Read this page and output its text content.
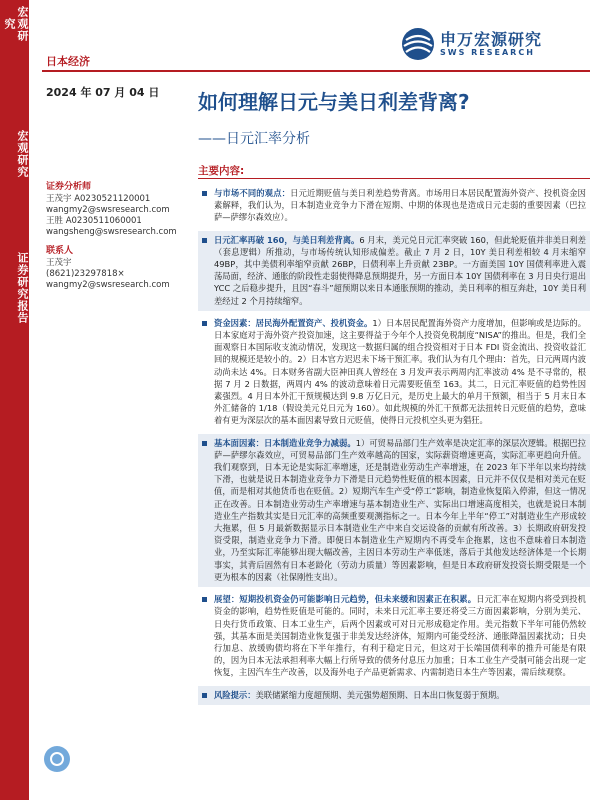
宏观研究
宏观研究
证券研究报告
日本经济
申万宏源研究
SWS RESEARCH
2024 年 07 月 04 日
证券分析师
王茂宇 A0230521120001
wangmy2@swsresearch.com
王胜 A0230511060001
wangsheng@swsresearch.com
联系人
王茂宇
(8621)23297818×
wangmy2@swsresearch.com
如何理解日元与美日利差背离?
——日元汇率分析
主要内容:
与市场不同的观点：日元近期贬值与美日利差趋势背离。市场用日本居民配置海外资产、投机资金因素解释，我们认为，日本制造业竞争力下滑在短期、中期的体现也是造成日元走弱的重要因素（巴拉萨—萨缪尔森效应）。
日元汇率再破 160，与美日利差背离。6 月末，美元兑日元汇率突破 160，但此轮贬值并非美日利差（套息逻辑）所推动，与市场传统认知形成偏差。截止 7 月 2 日，10Y 美日利差相较 4 月末缩窄 49BP，其中美债利率缩窄贡献 26BP，日债利率上升贡献 23BP。一方面美国 10Y 国债利率进入震荡局面，经济、通胀的阶段性走弱使得降息预期提升，另一方面日本 10Y 国债利率在 3 月日央行退出 YCC 之后稳步提升，且因“春斗”超预期以来日本通胀预期的推动，美日利率的相互奔赴，10Y 美日利差经过 2 个月持续缩窄。
资金因素：居民海外配置资产、投机资金。1）日本居民配置海外资产力度增加，但影响或是边际的。日本家庭对于海外资产投资加速，这主要得益于今年个人投资免税制度“NISA”的推出。但是，我们全面观察日本国际收支流动情况，发现这一数据归属的组合投资相对于日本 FDI 资金流出、投资收益汇回的规模还是较小的。2）日本官方迟迟未下场干预汇率。我们认为有几个理由：首先，日元两周内波动尚未达 4%。日本财务省副大臣神田真人曾经在 3 月发声表示两周内汇率波动 4% 是不寻常的，根据 7 月 2 日数据，两周内 4% 的波动意味着日元需要贬值至 163。其二，日元汇率贬值的趋势性因素强烈。4 月日本外汇干预规模达到 9.8 万亿日元，是历史上最大的单月干预额，相当于 5 月末日本外汇储备的 1/18（假设美元兑日元为 160）。如此规模的外汇干预都无法扭转日元贬值的趋势，意味着有更为深层次的基本面因素导致日元贬值，使得日元投机空头更为猖狂。
基本面因素：日本制造业竞争力减弱。1）可贸易品部门生产效率是决定汇率的深层次逻辑。根据巴拉萨—萨缪尔森效应，可贸易品部门生产效率越高的国家，实际薪资增速更高，实际汇率更趋向升值。我们观察到，日本无论是实际汇率增速，还是制造业劳动生产率增速，在 2023 年下半年以来均持续下滑，也就是说日本制造业竞争力下滑是日元趋势性贬值的根本因素，日元并不仅仅是相对美元在贬值，而是相对其他货币也在贬值。2）短期汽车生产受“停工”影响，制造业恢复陷入停滞，但这一情况正在改善。日本制造业劳动生产率增速与基本制造业生产、实际出口增速高度相关，也就是说日本制造业生产指数其实是日元汇率的高频重要观测指标之一。日本今年上半年“停工”对制造业生产形成较大拖累，但 5 月最新数据显示日本制造业生产中来自交运设备的贡献有所改善。3）长期政府研发投资受限，制造业竞争力下滑。即便日本制造业生产短期内不再受车企拖累，这也不意味着日本制造业，乃至实际汇率能够出现大幅改善，主因日本劳动生产率低迷，落后于其他发达经济体是一个长期事实，其背后固然有日本老龄化（劳动力质量）等因素影响，但是日本政府研发投资长期受限是一个更为根本的因素（社保刚性支出）。
展望：短期投机资金仍可能影响日元趋势，但未来缓和因素正在积累。日元汇率在短期内将受到投机资金的影响，趋势性贬值是可能的。同时，未来日元汇率主要还将受三方面因素影响，分别为美元、日央行货币政策、日本工业生产，后两个因素或可对日元形成稳定作用。美元指数下半年可能仍然较强，其基本面是美国制造业恢复强于非美发达经济体，短期内可能受经济、通胀降温因素扰动；日央行加息、放缓购债均将在下半年推行，有利于稳定日元，但这对于长端国债利率的推升可能是有限的，因为日本无法承担利率大幅上行所导致的债务付息压力加重；日本工业生产受制可能会出现一定恢复，主因汽车生产改善，以及海外电子产品更新需求、内需制造日本生产等因素，需后续观察。
风险提示：美联储紧缩力度超预期、美元强势超预期、日本出口恢复弱于预期。
